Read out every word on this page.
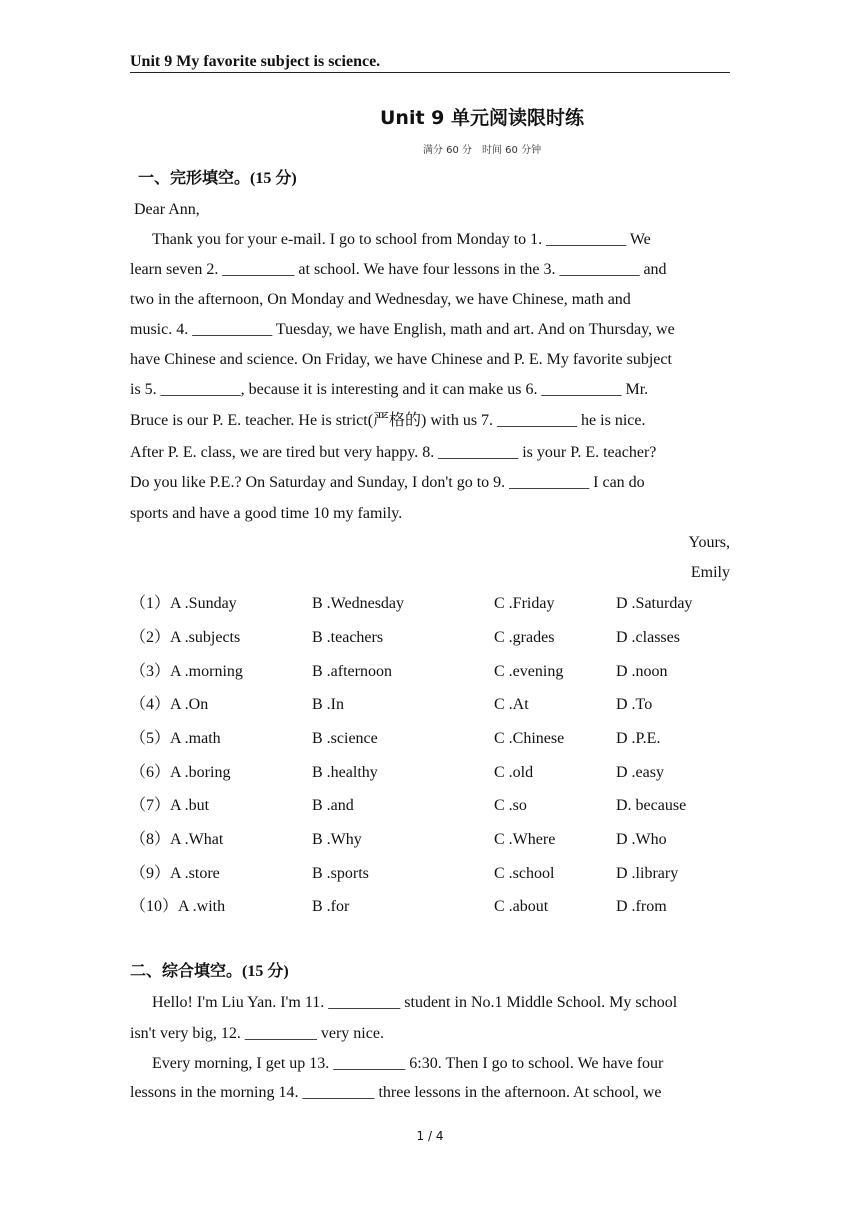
Unit 9 My favorite subject is science.
Unit 9 单元阅读限时练
满分 60 分　时间 60 分钟
一、完形填空。(15 分)
Dear Ann,
Thank you for your e-mail. I go to school from Monday to 1. __________ We
learn seven 2. _________ at school. We have four lessons in the 3. __________ and
two in the afternoon, On Monday and Wednesday, we have Chinese, math and
music. 4. __________ Tuesday, we have English, math and art. And on Thursday, we
have Chinese and science. On Friday, we have Chinese and P. E. My favorite subject
is 5. __________, because it is interesting and it can make us 6. __________ Mr.
Bruce is our P. E. teacher. He is strict(严格的) with us 7. __________ he is nice.
After P. E. class, we are tired but very happy. 8. __________ is your P. E. teacher?
Do you like P.E.? On Saturday and Sunday, I don't go to 9. __________ I can do
sports and have a good time 10 my family.
Yours,
Emily
（1）A .Sunday	B .Wednesday	C .Friday	D .Saturday
（2）A .subjects	B .teachers	C .grades	D .classes
（3）A .morning	B .afternoon	C .evening	D .noon
（4）A .On	B .In	C .At	D .To
（5）A .math	B .science	C .Chinese	D .P.E.
（6）A .boring	B .healthy	C .old	D .easy
（7）A .but	B .and	C .so	D. because
（8）A .What	B .Why	C .Where	D .Who
（9）A .store	B .sports	C .school	D .library
（10）A .with	B .for	C .about	D .from
二、综合填空。(15 分)
Hello! I'm Liu Yan. I'm 11. _________ student in No.1 Middle School. My school
isn't very big, 12. _________ very nice.
Every morning, I get up 13. _________ 6:30. Then I go to school. We have four
lessons in the morning 14. _________ three lessons in the afternoon. At school, we
1 / 4
